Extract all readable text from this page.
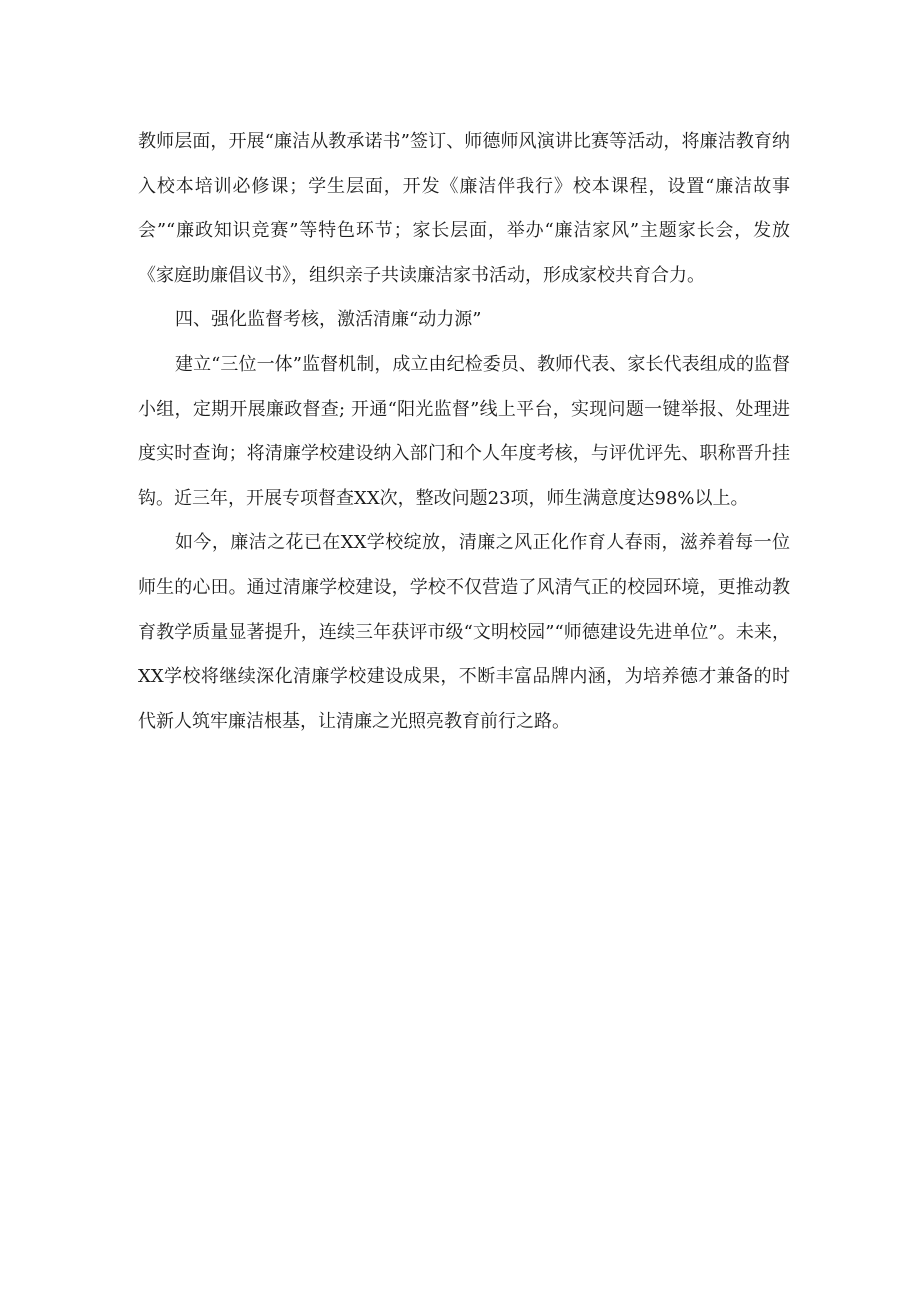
教师层面，开展“廉洁从教承诺书”签订、师德师风演讲比赛等活动，将廉洁教育纳入校本培训必修课；学生层面，开发《廉洁伴我行》校本课程，设置“廉洁故事会”“廉政知识竞赛”等特色环节；家长层面，举办“廉洁家风”主题家长会，发放《家庭助廉倡议书》，组织亲子共读廉洁家书活动，形成家校共育合力。

四、强化监督考核，激活清廉“动力源”

建立“三位一体”监督机制，成立由纪检委员、教师代表、家长代表组成的监督小组，定期开展廉政督查; 开通“阳光监督”线上平台，实现问题一键举报、处理进度实时查询；将清廉学校建设纳入部门和个人年度考核，与评优评先、职称晋升挂钩。近三年，开展专项督查XX次，整改问题23项，师生满意度达98%以上。

如今，廉洁之花已在XX学校绽放，清廉之风正化作育人春雨，滋养着每一位师生的心田。通过清廉学校建设，学校不仅营造了风清气正的校园环境，更推动教育教学质量显著提升，连续三年获评市级“文明校园”“师德建设先进单位”。未来，XX学校将继续深化清廉学校建设成果，不断丰富品牌内涵，为培养德才兼备的时代新人筑牢廉洁根基，让清廉之光照亮教育前行之路。
